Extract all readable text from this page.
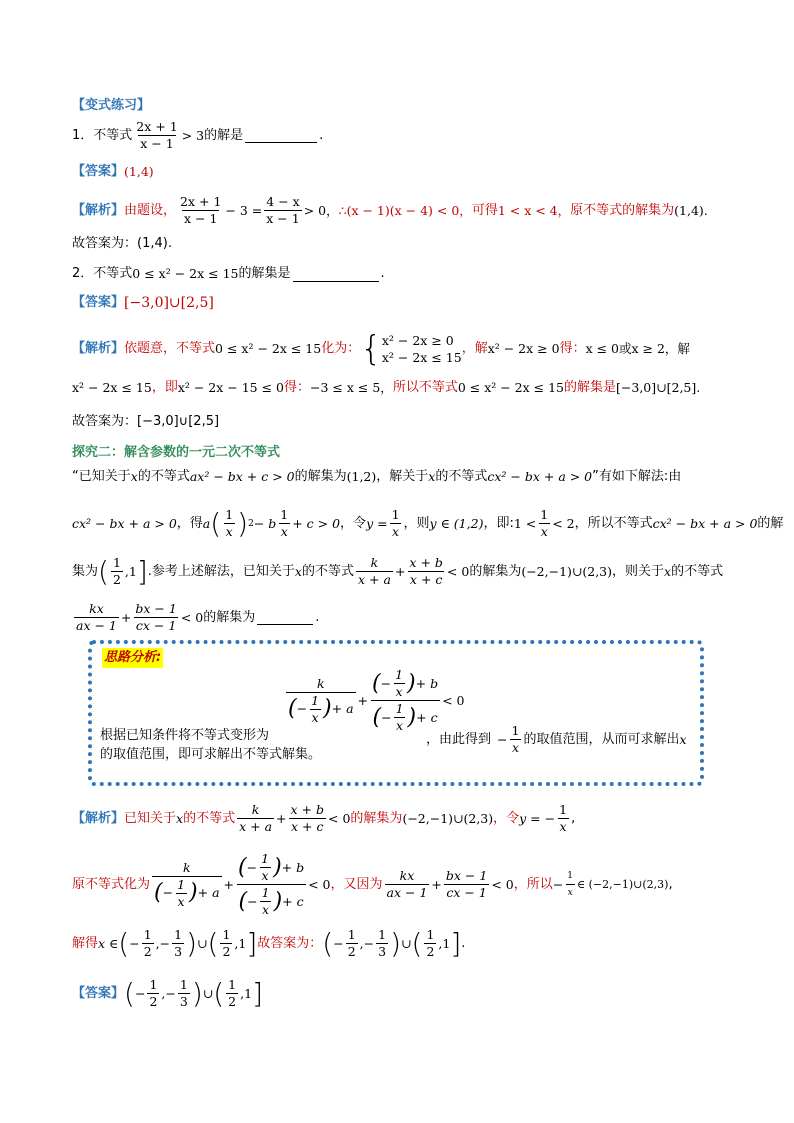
【变式练习】
1． 不等式 $\frac{2x + 1}{x - 1} > 3$ 的解是	.
【答案】 (1,4)
【解析】 由题设， $\frac{2x + 1}{x - 1} - 3 = \frac{4 - x}{x - 1} > 0$， ∴(x − 1)(x − 4) < 0， 可得 1 < x < 4， 原不等式的解集为 (1,4).
故答案为：(1,4).
2． 不等式 0 ≤ x² − 2x ≤ 15 的解集是	.
【答案】 [−3,0]∪[2,5]
【解析】 依题意，不等式 0 ≤ x² − 2x ≤ 15 化为： { x² − 2x ≥ 0
x² − 2x ≤ 15
，解 x² − 2x ≥ 0 得： x ≤ 0或x ≥ 2，解
x² − 2x ≤ 15 ，即 x² − 2x − 15 ≤ 0 得： −3 ≤ x ≤ 5， 所以不等式 0 ≤ x² − 2x ≤ 15 的解集是 [−3,0]∪[2,5].
故答案为：[−3,0]∪[2,5]
探究二：解含参数的一元二次不等式
“已知关于 x 的不等式 ax² − bx + c > 0 的解集为 (1,2) ，解关于 x 的不等式 cx² − bx + a > 0 ”有如下解法:由
cx² − bx + a > 0 ，得 a ( $\frac{1}{x}$ ) 2 − b $\frac{1}{x} + c > 0$ ，令 $y = \frac{1}{x}$ ，则 y ∈ (1,2) ，即: $1 < \frac{1}{x} < 2$ ，所以不等式 cx² − bx + a > 0 的解
集为 ( $\frac{1}{2}$ , 1 ] .参考上述解法，已知关于 x 的不等式 $\frac{k}{x + a} + \frac{x + b}{x + c} < 0$ 的解集为 (−2,−1)∪(2,3) ，则关于 x 的不等式
$\frac{kx}{ax - 1} + \frac{bx - 1}{cx - 1} < 0$ 的解集为	.
思路分析:
$\frac{k}{( - \frac{1}{x} ) + a} + \frac{( - \frac{1}{x} ) + b}{( - \frac{1}{x} ) + c} < 0$
根据已知条件将不等式变形为	，由此得到 − $\frac{1}{x}$ 的取值范围，从而可求解出 x
的取值范围，即可求解出不等式解集。
【解析】 已知关于 x 的不等式 $\frac{k}{x + a} + \frac{x + b}{x + c} < 0$ 的解集为 (−2,−1)∪(2,3) ，令 y = − $\frac{1}{x}$ ,
原不等式化为 $\frac{k}{( - \frac{1}{x} ) + a} + \frac{( - \frac{1}{x} ) + b}{( - \frac{1}{x} ) + c} < 0$ ，又因为 $\frac{kx}{ax - 1} + \frac{bx - 1}{cx - 1} < 0$ ，所以 − $\frac{1}{x}$ ∈ (−2,−1)∪(2,3) ,
解得 x ∈ ( − $\frac{1}{2}$ , − $\frac{1}{3}$ ) ∪ ( $\frac{1}{2}$ , 1 ] 故答案为： ( − $\frac{1}{2}$ , − $\frac{1}{3}$ ) ∪ ( $\frac{1}{2}$ , 1 ] .
【答案】 ( − $\frac{1}{2}$ , − $\frac{1}{3}$ ) ∪ ( $\frac{1}{2}$ , 1 ]
